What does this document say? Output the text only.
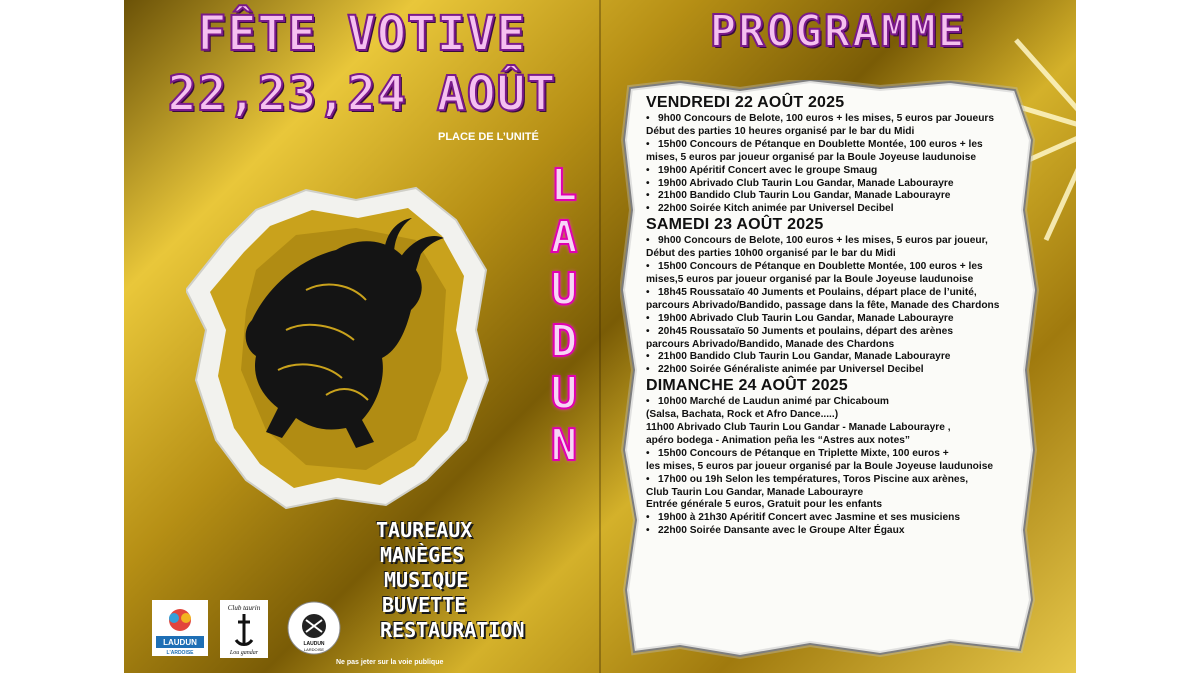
FÊTE VOTIVE
22,23,24 AOÛT
PLACE DE L’UNITÉ
L
A
U
D
U
N
TAUREAUX
MANÈGES
MUSIQUE
BUVETTE
RESTAURATION
LAUDUN
L'ARDOISE
Club taurin
Lou gandar
LAUDUN
LARDOISE
Ne pas jeter sur la voie publique
PROGRAMME
VENDREDI 22 AOÛT 2025
• 9h00 Concours de Belote, 100 euros + les mises, 5 euros par Joueurs
Début des parties 10 heures organisé par le bar du Midi
• 15h00 Concours de Pétanque en Doublette Montée, 100 euros + les
mises, 5 euros par joueur organisé par la Boule Joyeuse laudunoise
• 19h00 Apéritif Concert avec le groupe Smaug
• 19h00 Abrivado Club Taurin Lou Gandar, Manade Labourayre
• 21h00 Bandido Club Taurin Lou Gandar, Manade Labourayre
• 22h00 Soirée Kitch animée par Universel Decibel
SAMEDI 23 AOÛT 2025
• 9h00 Concours de Belote, 100 euros + les mises, 5 euros par joueur,
Début des parties 10h00 organisé par le bar du Midi
• 15h00 Concours de Pétanque en Doublette Montée, 100 euros + les
mises,5 euros par joueur organisé par la Boule Joyeuse laudunoise
• 18h45 Roussataïo 40 Juments et Poulains, départ place de l’unité,
parcours Abrivado/Bandido, passage dans la fête, Manade des Chardons
• 19h00 Abrivado Club Taurin Lou Gandar, Manade Labourayre
• 20h45 Roussataïo 50 Juments et poulains, départ des arènes
parcours Abrivado/Bandido, Manade des Chardons
• 21h00 Bandido Club Taurin Lou Gandar, Manade Labourayre
• 22h00 Soirée Généraliste animée par Universel Decibel
DIMANCHE 24 AOÛT 2025
• 10h00 Marché de Laudun animé par Chicaboum
(Salsa, Bachata, Rock et Afro Dance.....)
11h00 Abrivado Club Taurin Lou Gandar - Manade Labourayre ,
apéro bodega - Animation peña les “Astres aux notes”
• 15h00 Concours de Pétanque en Triplette Mixte, 100 euros +
les mises, 5 euros par joueur organisé par la Boule Joyeuse laudunoise
• 17h00 ou 19h Selon les températures, Toros Piscine aux arènes,
Club Taurin Lou Gandar, Manade Labourayre
Entrée générale 5 euros, Gratuit pour les enfants
• 19h00 à 21h30 Apéritif Concert avec Jasmine et ses musiciens
• 22h00 Soirée Dansante avec le Groupe Alter Égaux
